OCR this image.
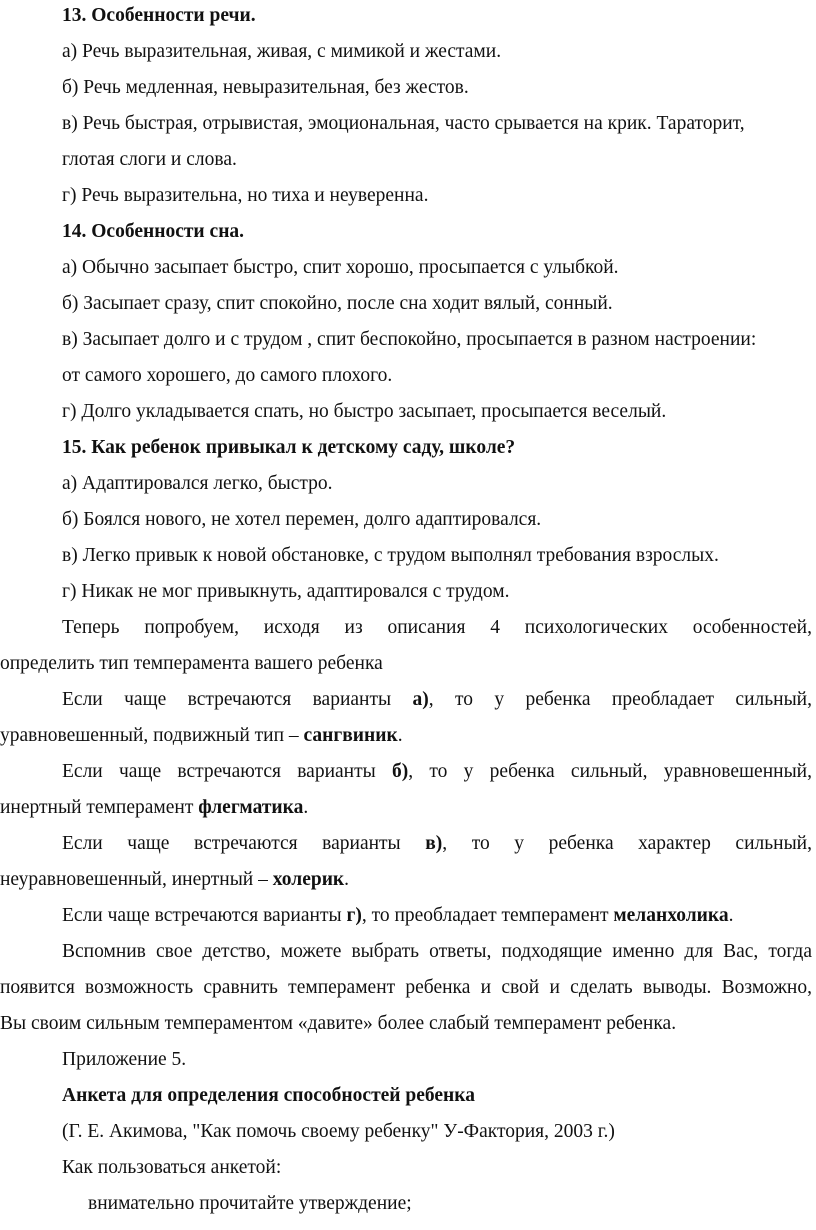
13. Особенности речи.
а) Речь выразительная, живая, с мимикой и жестами.
б) Речь медленная, невыразительная, без жестов.
в) Речь быстрая, отрывистая, эмоциональная, часто срывается на крик. Тараторит,
глотая слоги и слова.
г) Речь выразительна, но тиха и неуверенна.
14. Особенности сна.
а) Обычно засыпает быстро, спит хорошо, просыпается с улыбкой.
б) Засыпает сразу, спит спокойно, после сна ходит вялый, сонный.
в) Засыпает долго и с трудом , спит беспокойно, просыпается в разном настроении:
от самого хорошего, до самого плохого.
г) Долго укладывается спать, но быстро засыпает, просыпается веселый.
15. Как ребенок привыкал к детскому саду, школе?
а) Адаптировался легко, быстро.
б) Боялся нового, не хотел перемен, долго адаптировался.
в) Легко привык к новой обстановке, с трудом выполнял требования взрослых.
г) Никак не мог привыкнуть, адаптировался с трудом.
Теперь попробуем, исходя из описания 4 психологических особенностей,
определить тип темперамента вашего ребенка
Если чаще встречаются варианты а), то у ребенка преобладает сильный,
уравновешенный, подвижный тип – сангвиник.
Если чаще встречаются варианты б), то у ребенка сильный, уравновешенный,
инертный темперамент флегматика.
Если чаще встречаются варианты в), то у ребенка характер сильный,
неуравновешенный, инертный – холерик.
Если чаще встречаются варианты г), то преобладает темперамент меланхолика.
Вспомнив свое детство, можете выбрать ответы, подходящие именно для Вас, тогда
появится возможность сравнить темперамент ребенка и свой и сделать выводы. Возможно,
Вы своим сильным темпераментом «давите» более слабый темперамент ребенка.
Приложение 5.
Анкета для определения способностей ребенка
(Г. Е. Акимова, "Как помочь своему ребенку" У-Фактория, 2003 г.)
Как пользоваться анкетой:
внимательно прочитайте утверждение;
